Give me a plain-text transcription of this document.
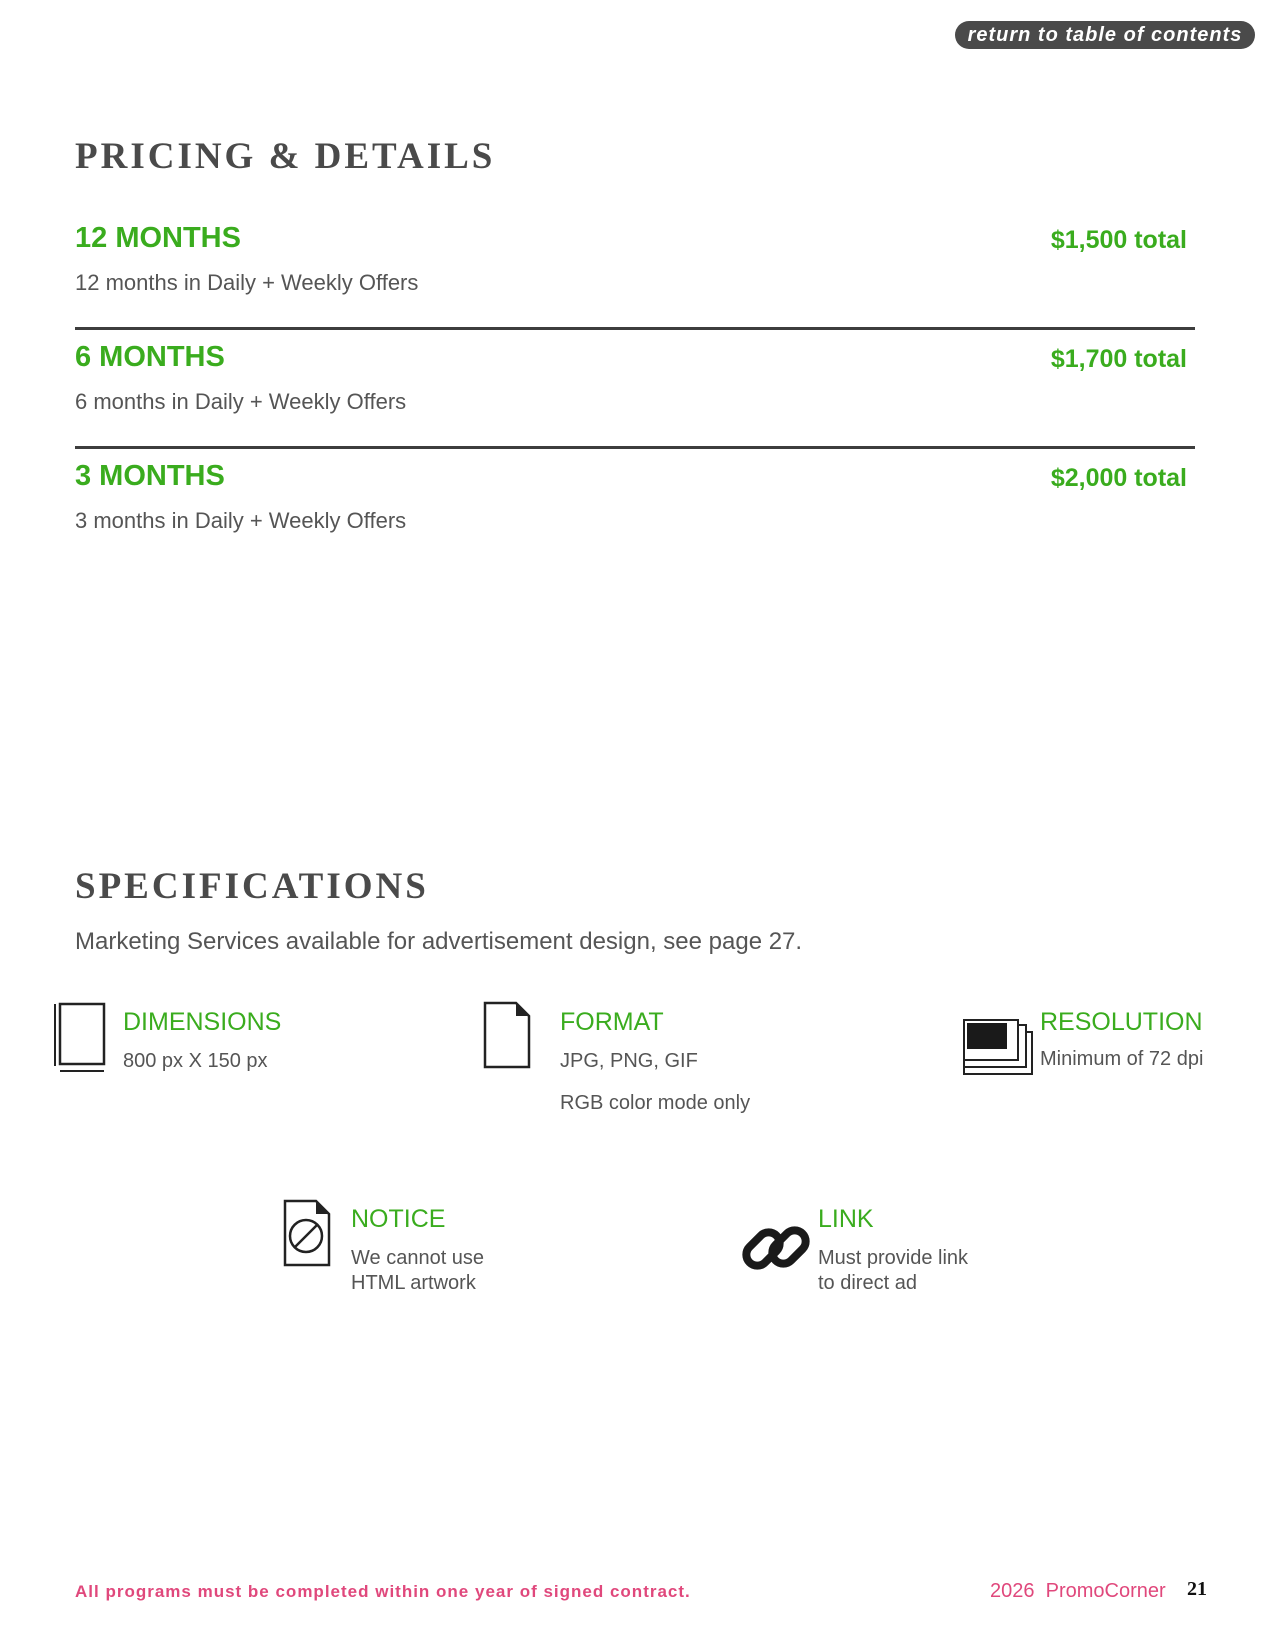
return to table of contents
PRICING & DETAILS
12 MONTHS	$1,500 total
12 months in Daily + Weekly Offers
6 MONTHS	$1,700 total
6 months in Daily + Weekly Offers
3 MONTHS	$2,000 total
3 months in Daily + Weekly Offers
SPECIFICATIONS
Marketing Services available for advertisement design, see page 27.
DIMENSIONS
800 px X 150 px
FORMAT
JPG, PNG, GIF
RGB color mode only
RESOLUTION
Minimum of 72 dpi
NOTICE
We cannot use
HTML artwork
LINK
Must provide link
to direct ad
All programs must be completed within one year of signed contract.	2026  PromoCorner 21
